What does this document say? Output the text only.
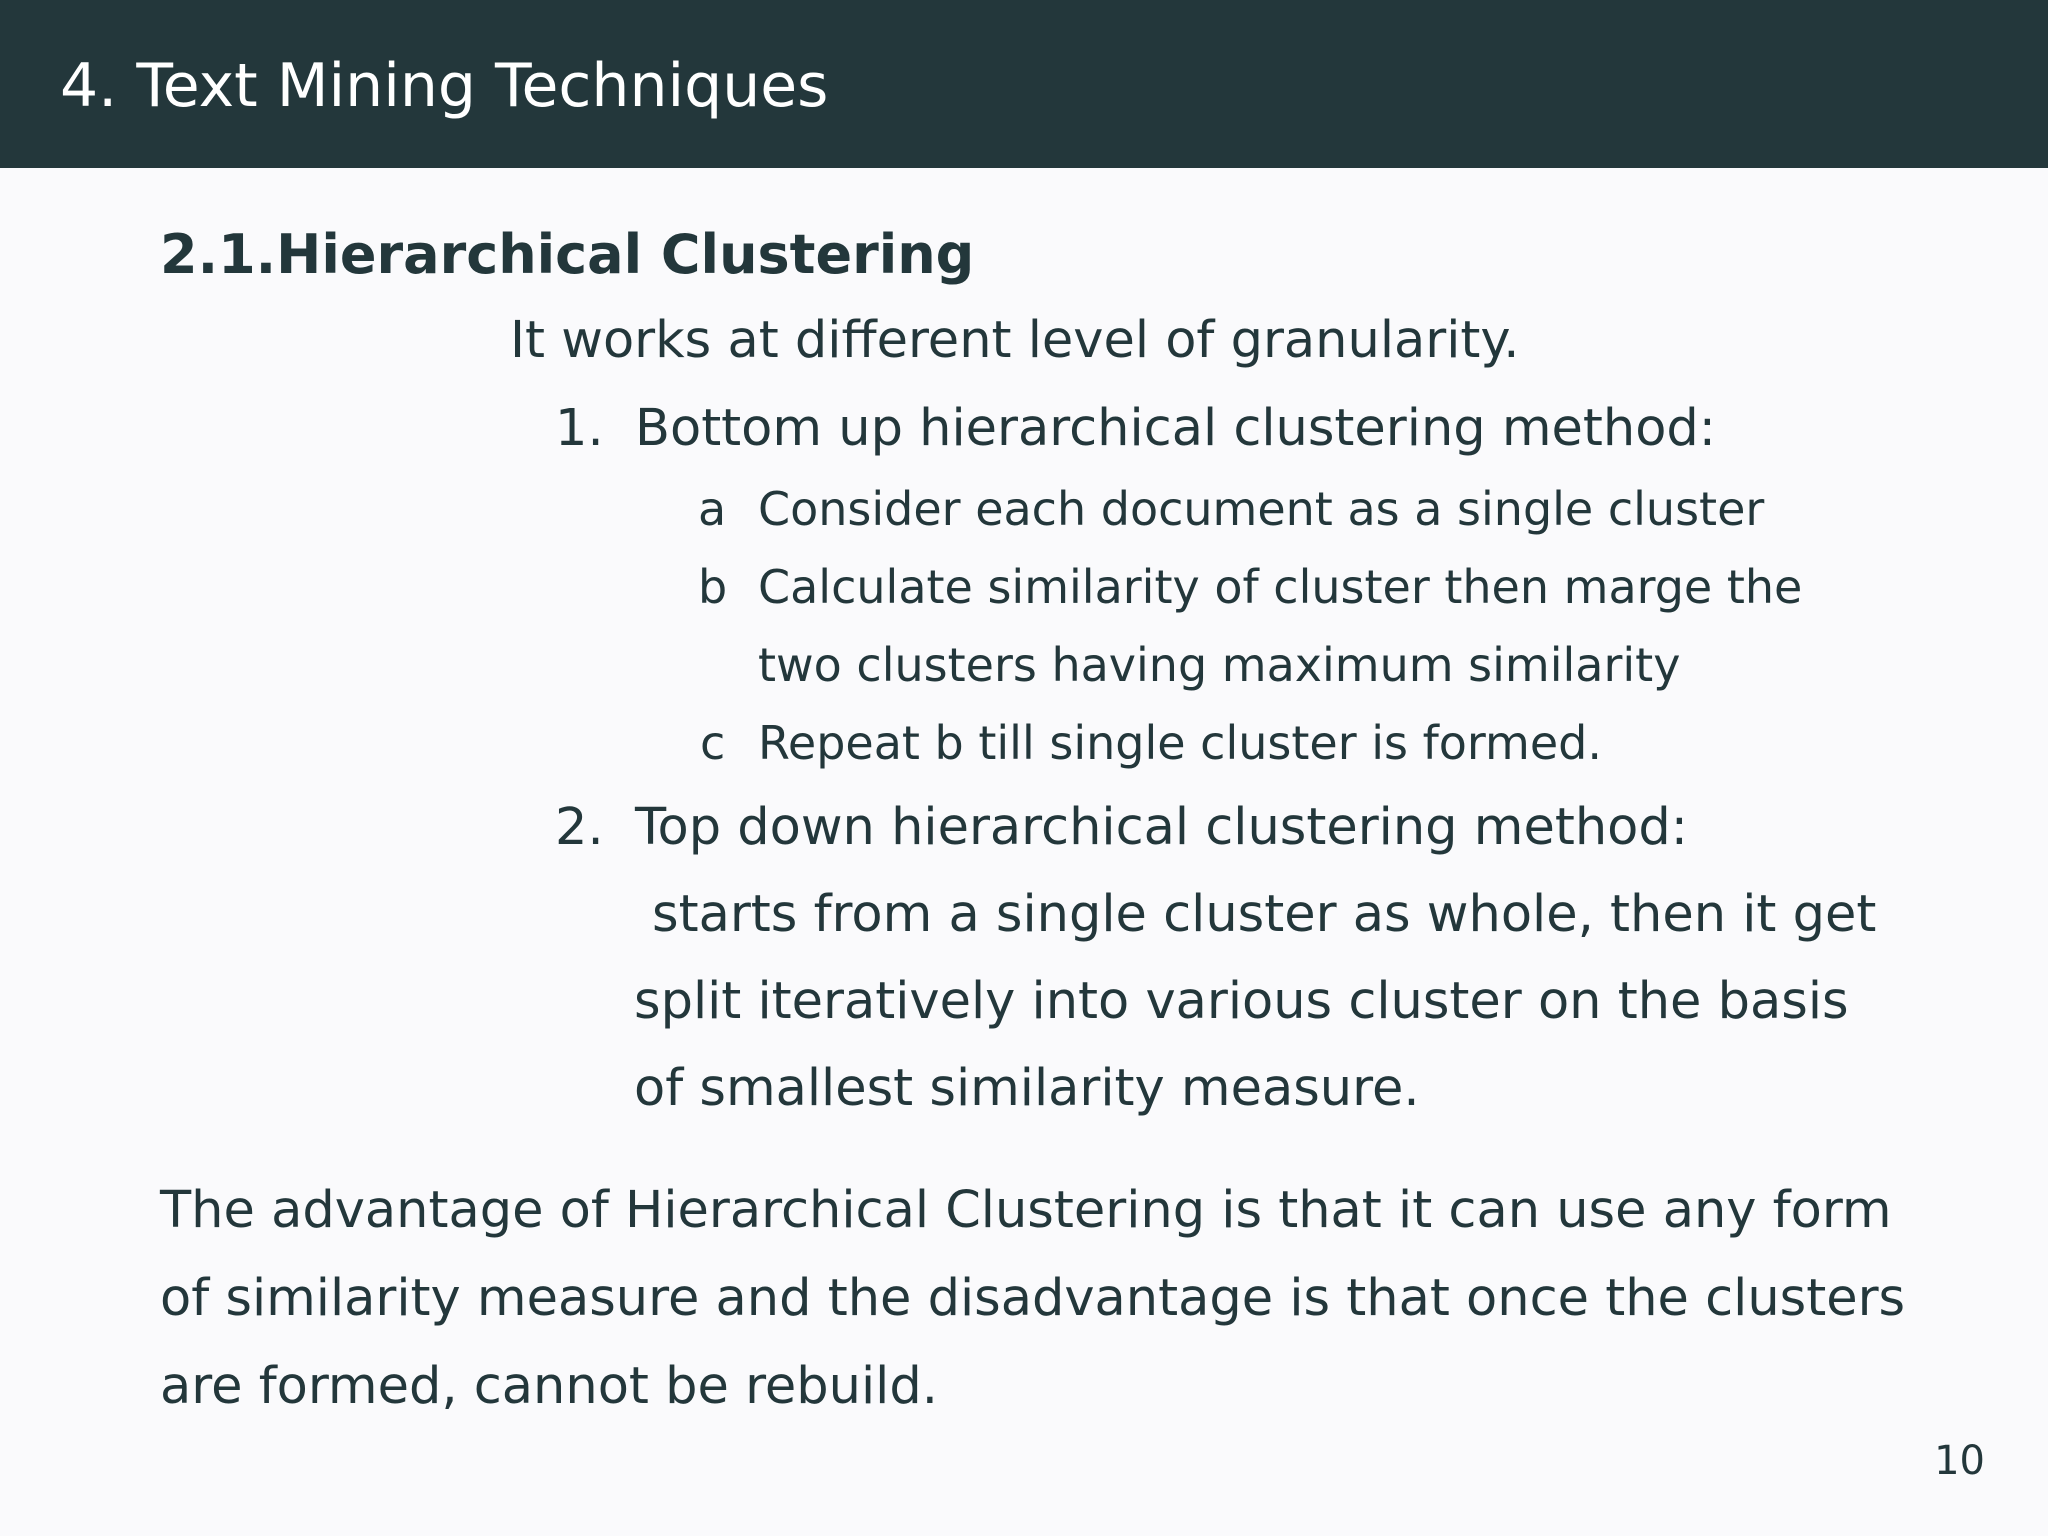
4. Text Mining Techniques
2.1.Hierarchical Clustering
It works at different level of granularity.
1. Bottom up hierarchical clustering method:
a Consider each document as a single cluster
b Calculate similarity of cluster then marge the
two clusters having maximum similarity
c Repeat b till single cluster is formed.
2. Top down hierarchical clustering method:
starts from a single cluster as whole, then it get
split iteratively into various cluster on the basis
of smallest similarity measure.
The advantage of Hierarchical Clustering is that it can use any form
of similarity measure and the disadvantage is that once the clusters
are formed, cannot be rebuild.
10
